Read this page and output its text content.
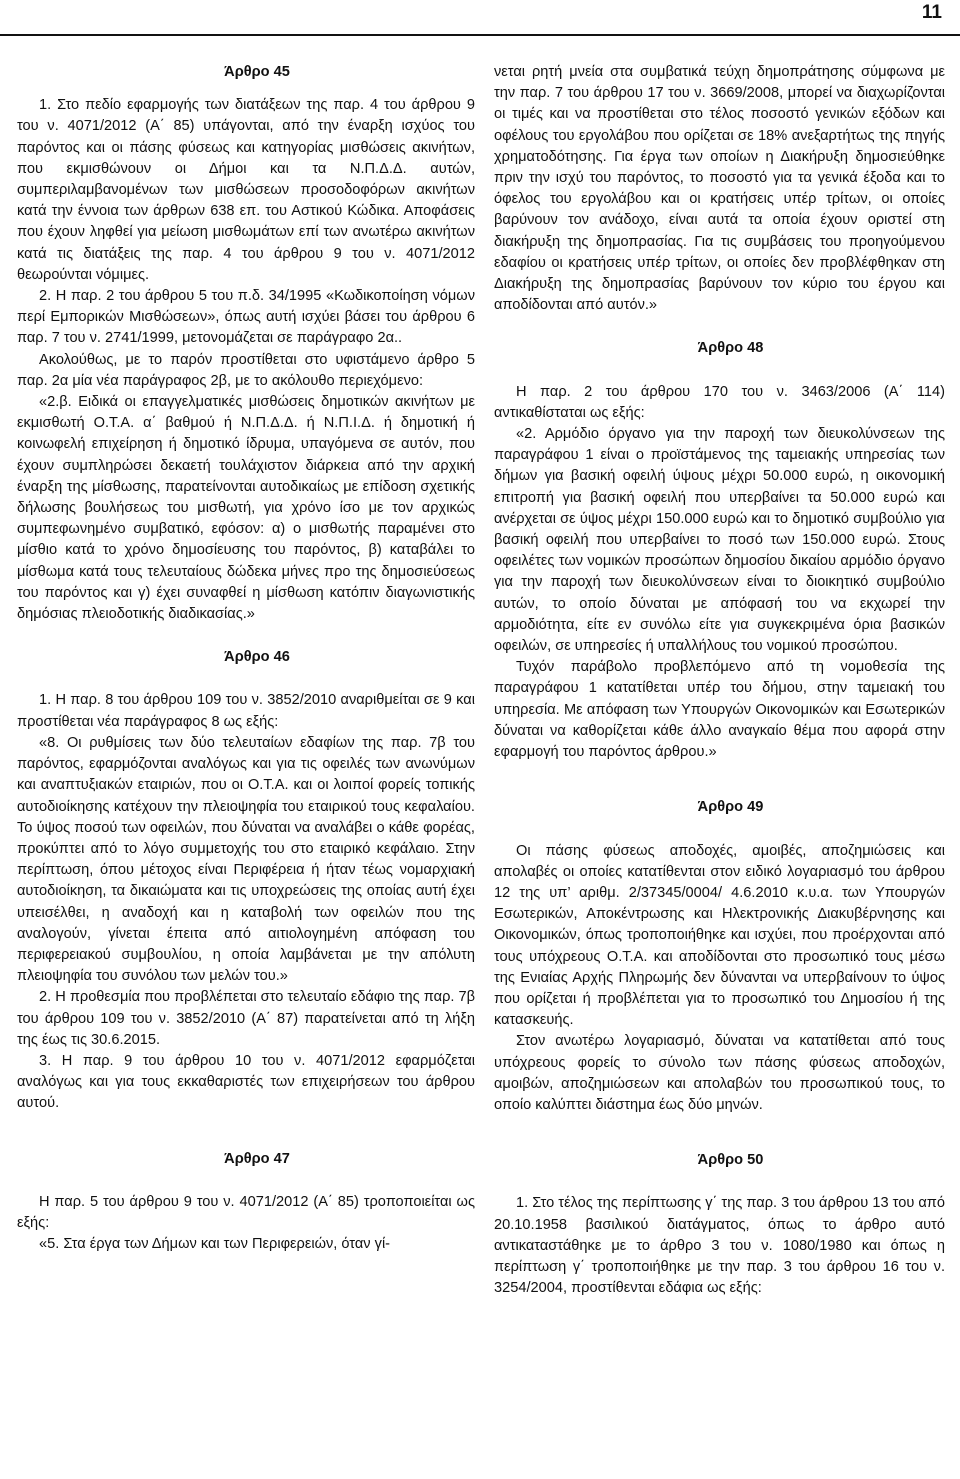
11

Άρθρο 45

1. Στο πεδίο εφαρμογής των διατάξεων της παρ. 4 του άρθρου 9 του ν. 4071/2012 (Α΄ 85) υπάγονται, από την έναρξη ισχύος του παρόντος και οι πάσης φύσεως και κατηγορίας μισθώσεις ακινήτων, που εκμισθώνουν οι Δήμοι και τα Ν.Π.Δ.Δ. αυτών, συμπεριλαμβανομένων των μισθώσεων προσοδοφόρων ακινήτων κατά την έννοια των άρθρων 638 επ. του Αστικού Κώδικα. Αποφάσεις που έχουν ληφθεί για μείωση μισθωμάτων επί των ανωτέρω ακινήτων κατά τις διατάξεις της παρ. 4 του άρθρου 9 του ν. 4071/2012 θεωρούνται νόμιμες.

2. Η παρ. 2 του άρθρου 5 του π.δ. 34/1995 «Κωδικοποίηση νόμων περί Εμπορικών Μισθώσεων», όπως αυτή ισχύει βάσει του άρθρου 6 παρ. 7 του ν. 2741/1999, μετονομάζεται σε παράγραφο 2α..

Ακολούθως, με το παρόν προστίθεται στο υφιστάμενο άρθρο 5 παρ. 2α μία νέα παράγραφος 2β, με το ακόλουθο περιεχόμενο:

«2.β. Ειδικά οι επαγγελματικές μισθώσεις δημοτικών ακινήτων με εκμισθωτή Ο.Τ.Α. α΄ βαθμού ή Ν.Π.Δ.Δ. ή Ν.Π.Ι.Δ. ή δημοτική ή κοινωφελή επιχείρηση ή δημοτικό ίδρυμα, υπαγόμενα σε αυτόν, που έχουν συμπληρώσει δεκαετή τουλάχιστον διάρκεια από την αρχική έναρξη της μίσθωσης, παρατείνονται αυτοδικαίως με επίδοση σχετικής δήλωσης βουλήσεως του μισθωτή, για χρόνο ίσο με τον αρχικώς συμπεφωνημένο συμβατικό, εφόσον: α) ο μισθωτής παραμένει στο μίσθιο κατά το χρόνο δημοσίευσης του παρόντος, β) καταβάλει το μίσθωμα κατά τους τελευταίους δώδεκα μήνες προ της δημοσιεύσεως του παρόντος και γ) έχει συναφθεί η μίσθωση κατόπιν διαγωνιστικής δημόσιας πλειοδοτικής διαδικασίας.»

Άρθρο 46

1. Η παρ. 8 του άρθρου 109 του ν. 3852/2010 αναριθμείται σε 9 και προστίθεται νέα παράγραφος 8 ως εξής:

«8. Οι ρυθμίσεις των δύο τελευταίων εδαφίων της παρ. 7β του παρόντος, εφαρμόζονται αναλόγως και για τις οφειλές των ανωνύμων και αναπτυξιακών εταιριών, που οι Ο.Τ.Α. και οι λοιποί φορείς τοπικής αυτοδιοίκησης κατέχουν την πλειοψηφία του εταιρικού τους κεφαλαίου. Το ύψος ποσού των οφειλών, που δύναται να αναλάβει ο κάθε φορέας, προκύπτει από το λόγο συμμετοχής του στο εταιρικό κεφάλαιο. Στην περίπτωση, όπου μέτοχος είναι Περιφέρεια ή ήταν τέως νομαρχιακή αυτοδιοίκηση, τα δικαιώματα και τις υποχρεώσεις της οποίας αυτή έχει υπεισέλθει, η αναδοχή και η καταβολή των οφειλών που της αναλογούν, γίνεται έπειτα από αιτιολογημένη απόφαση του περιφερειακού συμβουλίου, η οποία λαμβάνεται με την απόλυτη πλειοψηφία του συνόλου των μελών του.»

2. Η προθεσμία που προβλέπεται στο τελευταίο εδάφιο της παρ. 7β του άρθρου 109 του ν. 3852/2010 (Α΄ 87) παρατείνεται από τη λήξη της έως τις 30.6.2015.

3. Η παρ. 9 του άρθρου 10 του ν. 4071/2012 εφαρμόζεται αναλόγως και για τους εκκαθαριστές των επιχειρήσεων του άρθρου αυτού.

Άρθρο 47

Η παρ. 5 του άρθρου 9 του ν. 4071/2012 (Α΄ 85) τροποποιείται ως εξής:

«5. Στα έργα των Δήμων και των Περιφερειών, όταν γί-

νεται ρητή μνεία στα συμβατικά τεύχη δημοπράτησης σύμφωνα με την παρ. 7 του άρθρου 17 του ν. 3669/2008, μπορεί να διαχωρίζονται οι τιμές και να προστίθεται στο τέλος ποσοστό γενικών εξόδων και οφέλους του εργολάβου που ορίζεται σε 18% ανεξαρτήτως της πηγής χρηματοδότησης. Για έργα των οποίων η Διακήρυξη δημοσιεύθηκε πριν την ισχύ του παρόντος, το ποσοστό για τα γενικά έξοδα και το όφελος του εργολάβου και οι κρατήσεις υπέρ τρίτων, οι οποίες βαρύνουν τον ανάδοχο, είναι αυτά τα οποία έχουν οριστεί στη διακήρυξη της δημοπρασίας. Για τις συμβάσεις του προηγούμενου εδαφίου οι κρατήσεις υπέρ τρίτων, οι οποίες δεν προβλέφθηκαν στη Διακήρυξη της δημοπρασίας βαρύνουν τον κύριο του έργου και αποδίδονται από αυτόν.»

Άρθρο 48

Η παρ. 2 του άρθρου 170 του ν. 3463/2006 (Α΄ 114) αντικαθίσταται ως εξής:

«2. Αρμόδιο όργανο για την παροχή των διευκολύνσεων της παραγράφου 1 είναι ο προϊστάμενος της ταμειακής υπηρεσίας των δήμων για βασική οφειλή ύψους μέχρι 50.000 ευρώ, η οικονομική επιτροπή για βασική οφειλή που υπερβαίνει τα 50.000 ευρώ και ανέρχεται σε ύψος μέχρι 150.000 ευρώ και το δημοτικό συμβούλιο για βασική οφειλή που υπερβαίνει το ποσό των 150.000 ευρώ. Στους οφειλέτες των νομικών προσώπων δημοσίου δικαίου αρμόδιο όργανο για την παροχή των διευκολύνσεων είναι το διοικητικό συμβούλιο αυτών, το οποίο δύναται με απόφασή του να εκχωρεί την αρμοδιότητα, είτε εν συνόλω είτε για συγκεκριμένα όρια βασικών οφειλών, σε υπηρεσίες ή υπαλλήλους του νομικού προσώπου.

Τυχόν παράβολο προβλεπόμενο από τη νομοθεσία της παραγράφου 1 κατατίθεται υπέρ του δήμου, στην ταμειακή του υπηρεσία. Με απόφαση των Υπουργών Οικονομικών και Εσωτερικών δύναται να καθορίζεται κάθε άλλο αναγκαίο θέμα που αφορά στην εφαρμογή του παρόντος άρθρου.»

Άρθρο 49

Οι πάσης φύσεως αποδοχές, αμοιβές, αποζημιώσεις και απολαβές οι οποίες κατατίθενται στον ειδικό λογαριασμό του άρθρου 12 της υπ’ αριθμ. 2/37345/0004/ 4.6.2010 κ.υ.α. των Υπουργών Εσωτερικών, Αποκέντρωσης και Ηλεκτρονικής Διακυβέρνησης και Οικονομικών, όπως τροποποιήθηκε και ισχύει, που προέρχονται από τους υπόχρεους Ο.Τ.Α. και αποδίδονται στο προσωπικό τους μέσω της Ενιαίας Αρχής Πληρωμής δεν δύνανται να υπερβαίνουν το ύψος που ορίζεται ή προβλέπεται για το προσωπικό του Δημοσίου ή της κατασκευής.

Στον ανωτέρω λογαριασμό, δύναται να κατατίθεται από τους υπόχρεους φορείς το σύνολο των πάσης φύσεως αποδοχών, αμοιβών, αποζημιώσεων και απολαβών του προσωπικού τους, το οποίο καλύπτει διάστημα έως δύο μηνών.

Άρθρο 50

1. Στο τέλος της περίπτωσης γ΄ της παρ. 3 του άρθρου 13 του από 20.10.1958 βασιλικού διατάγματος, όπως το άρθρο αυτό αντικαταστάθηκε με το άρθρο 3 του ν. 1080/1980 και όπως η περίπτωση γ΄ τροποποιήθηκε με την παρ. 3 του άρθρου 16 του ν. 3254/2004, προστίθενται εδάφια ως εξής:
